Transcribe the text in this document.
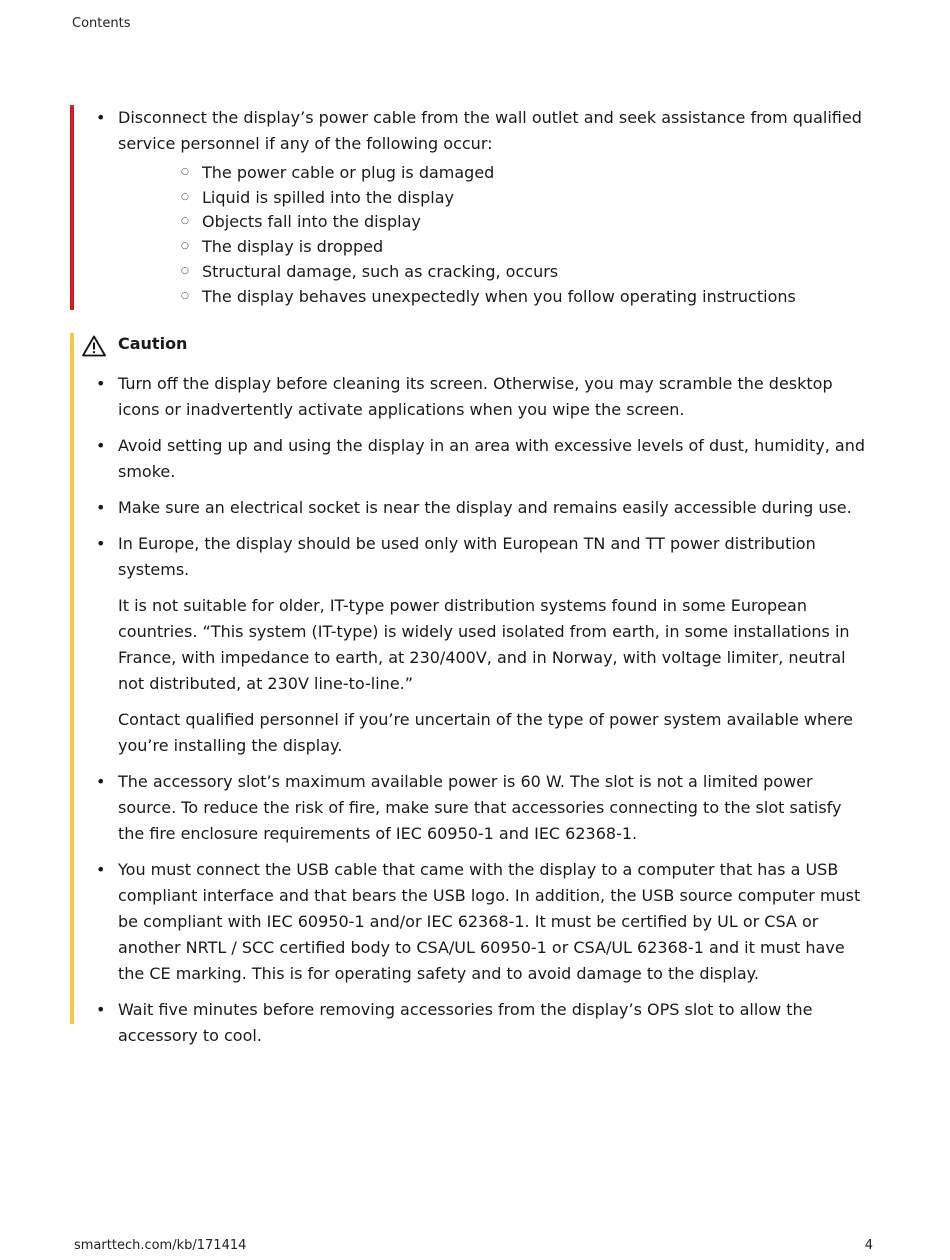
Contents
• Disconnect the display’s power cable from the wall outlet and seek assistance from qualified service personnel if any of the following occur:
○ The power cable or plug is damaged
○ Liquid is spilled into the display
○ Objects fall into the display
○ The display is dropped
○ Structural damage, such as cracking, occurs
○ The display behaves unexpectedly when you follow operating instructions
Caution
• Turn off the display before cleaning its screen. Otherwise, you may scramble the desktop icons or inadvertently activate applications when you wipe the screen.
• Avoid setting up and using the display in an area with excessive levels of dust, humidity, and smoke.
• Make sure an electrical socket is near the display and remains easily accessible during use.
• In Europe, the display should be used only with European TN and TT power distribution systems.

It is not suitable for older, IT-type power distribution systems found in some European countries. “This system (IT-type) is widely used isolated from earth, in some installations in France, with impedance to earth, at 230/400V, and in Norway, with voltage limiter, neutral not distributed, at 230V line-to-line.”

Contact qualified personnel if you’re uncertain of the type of power system available where you’re installing the display.

• The accessory slot’s maximum available power is 60 W. The slot is not a limited power source. To reduce the risk of fire, make sure that accessories connecting to the slot satisfy the fire enclosure requirements of IEC 60950-1 and IEC 62368-1.
• You must connect the USB cable that came with the display to a computer that has a USB compliant interface and that bears the USB logo. In addition, the USB source computer must be compliant with IEC 60950-1 and/or IEC 62368-1. It must be certified by UL or CSA or another NRTL / SCC certified body to CSA/UL 60950-1 or CSA/UL 62368-1 and it must have the CE marking. This is for operating safety and to avoid damage to the display.
• Wait five minutes before removing accessories from the display’s OPS slot to allow the accessory to cool.
smarttech.com/kb/171414	4
